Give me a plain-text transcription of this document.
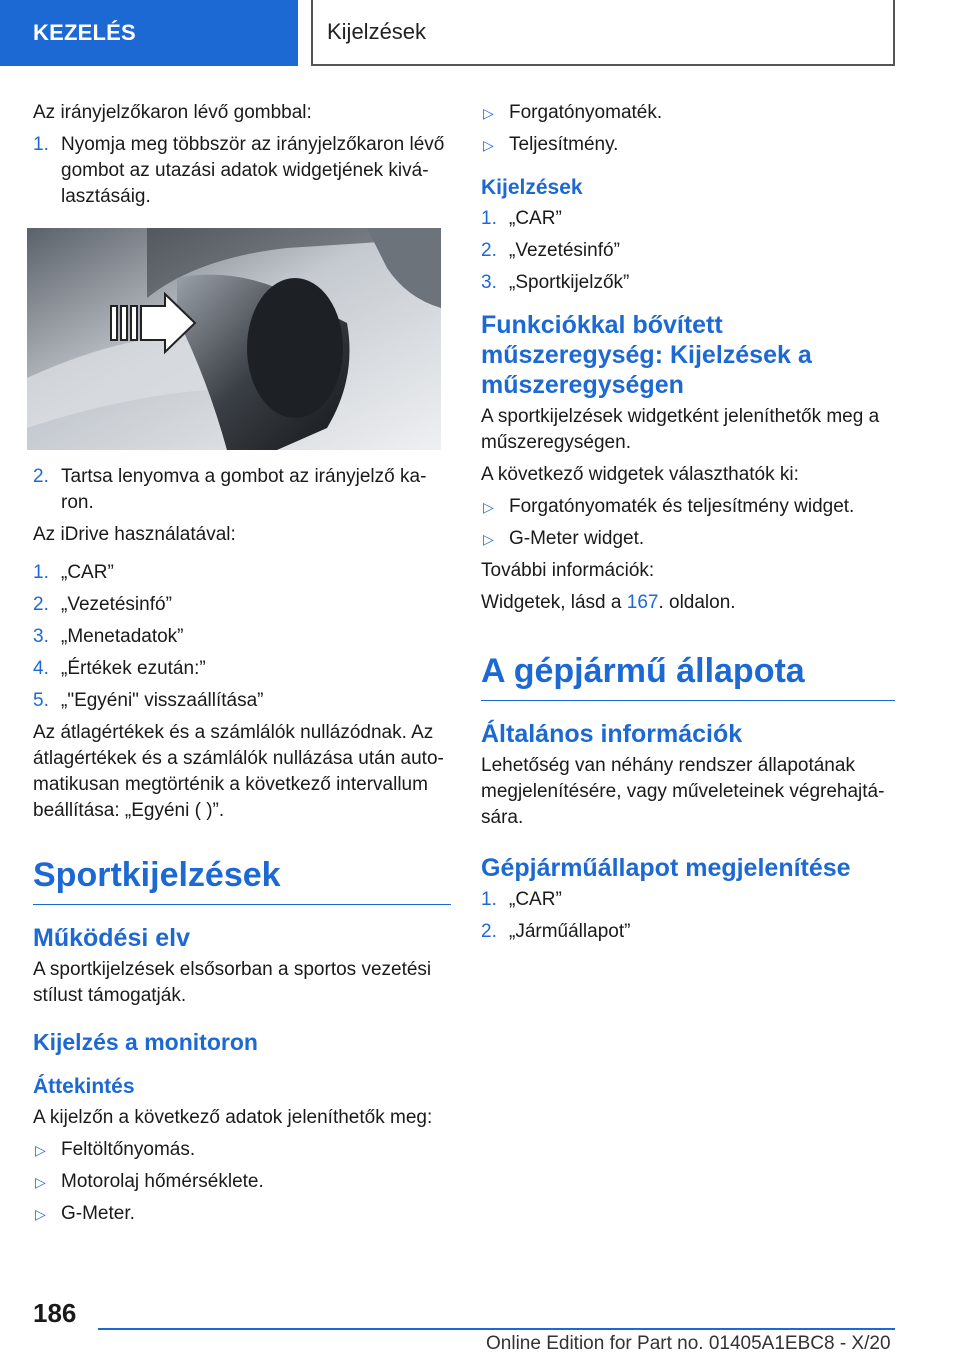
KEZELÉS	Kijelzések

Az irányjelzőkaron lévő gombbal:

1. Nyomja meg többször az irányjelzőkaron lévő gombot az utazási adatok widgetjének kiválasztásáig.
2. Tartsa lenyomva a gombot az irányjelző karon.

Az iDrive használatával:

1. „CAR”
2. „Vezetésinfó”
3. „Menetadatok”
4. „Értékek ezután:”
5. „"Egyéni" visszaállítása”

Az átlagértékek és a számlálók nullázódnak. Az átlagértékek és a számlálók nullázása után automatikusan megtörténik a következő intervallum beállítása: „Egyéni ( )”.

Sportkijelzések
Működési elv

A sportkijelzések elsősorban a sportos vezetési stílust támogatják.

Kijelzés a monitoron
Áttekintés

A kijelzőn a következő adatok jeleníthetők meg:

▷ Feltöltőnyomás.
▷ Motorolaj hőmérséklete.
▷ G-Meter.
▷ Forgatónyomaték.
▷ Teljesítmény.
Kijelzések
1. „CAR”
2. „Vezetésinfó”
3. „Sportkijelzők”
Funkciókkal bővített műszeregység: Kijelzések a műszeregységen

A sportkijelzések widgetként jeleníthetők meg a műszeregységen.

A következő widgetek választhatók ki:

▷ Forgatónyomaték és teljesítmény widget.
▷ G-Meter widget.

További információk:

Widgetek, lásd a 167. oldalon.

A gépjármű állapota
Általános információk

Lehetőség van néhány rendszer állapotának megjelenítésére, vagy műveleteinek végrehajtására.

Gépjárműállapot megjelenítése
1. „CAR”
2. „Járműállapot”
186
Online Edition for Part no. 01405A1EBC8 - X/20
